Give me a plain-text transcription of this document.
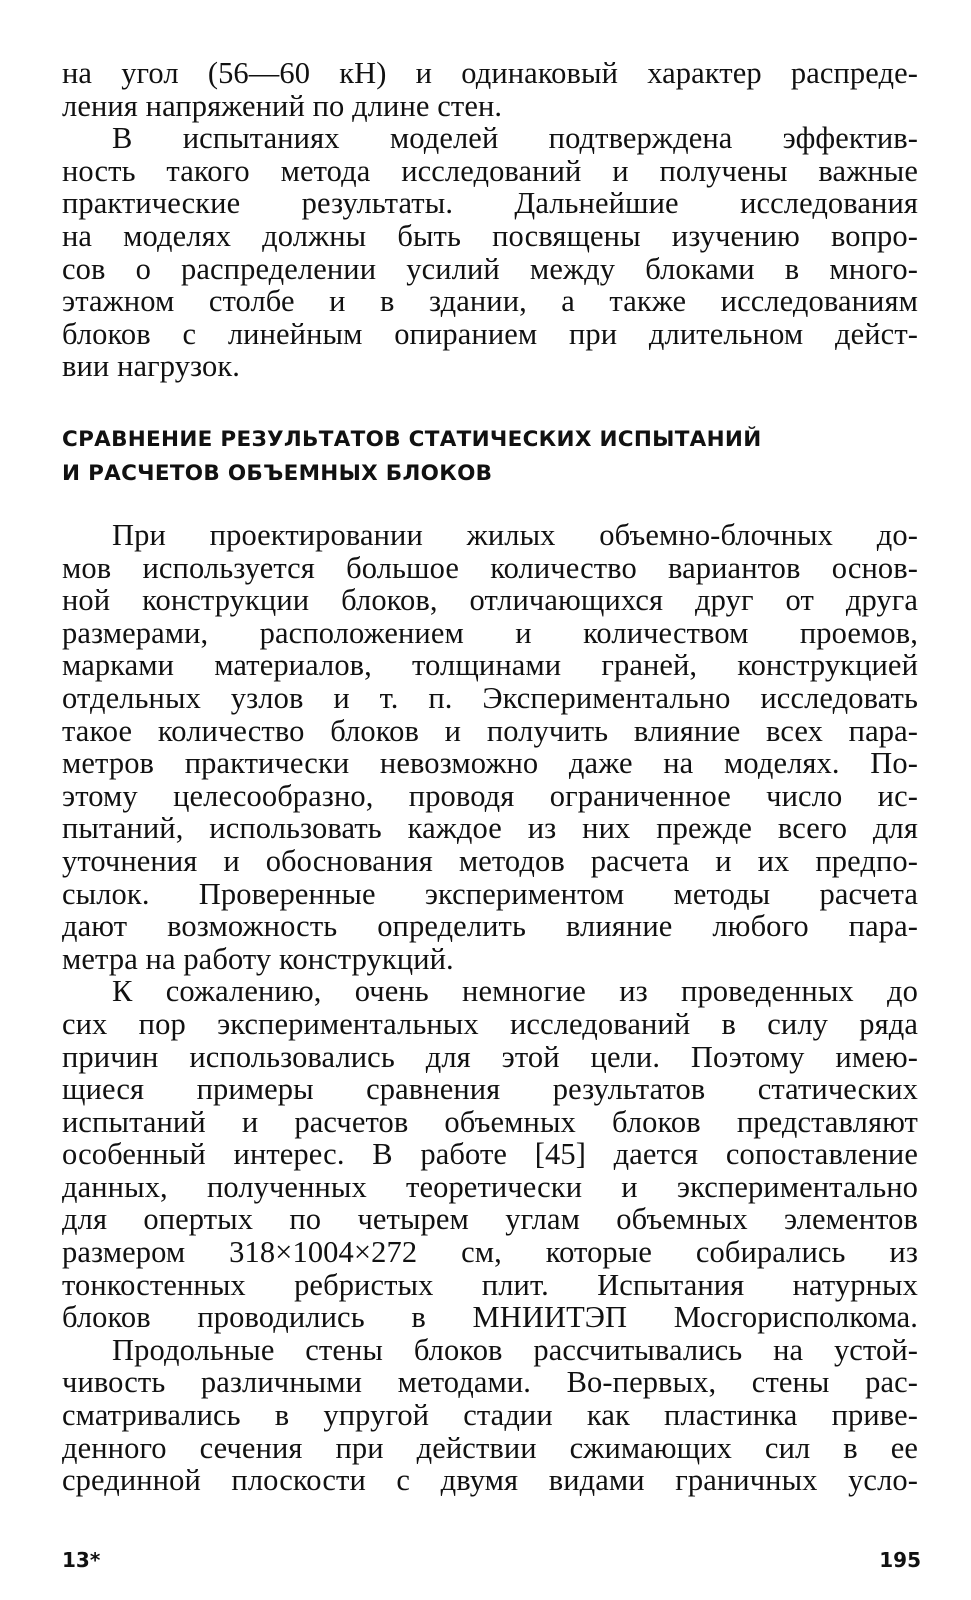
на угол (56—60 кН) и одинаковый характер распреде-
ления напряжений по длине стен.

В испытаниях моделей подтверждена эффектив-
ность такого метода исследований и получены важные
практические результаты. Дальнейшие исследования
на моделях должны быть посвящены изучению вопро-
сов о распределении усилий между блоками в много-
этажном столбе и в здании, а также исследованиям
блоков с линейным опиранием при длительном дейст-
вии нагрузок.

СРАВНЕНИЕ РЕЗУЛЬТАТОВ СТАТИЧЕСКИХ ИСПЫТАНИЙ
И РАСЧЕТОВ ОБЪЕМНЫХ БЛОКОВ

При проектировании жилых объемно-блочных до-
мов используется большое количество вариантов основ-
ной конструкции блоков, отличающихся друг от друга
размерами, расположением и количеством проемов,
марками материалов, толщинами граней, конструкцией
отдельных узлов и т. п. Экспериментально исследовать
такое количество блоков и получить влияние всех пара-
метров практически невозможно даже на моделях. По-
этому целесообразно, проводя ограниченное число ис-
пытаний, использовать каждое из них прежде всего для
уточнения и обоснования методов расчета и их предпо-
сылок. Проверенные экспериментом методы расчета
дают возможность определить влияние любого пара-
метра на работу конструкций.

К сожалению, очень немногие из проведенных до
сих пор экспериментальных исследований в силу ряда
причин использовались для этой цели. Поэтому имею-
щиеся примеры сравнения результатов статических
испытаний и расчетов объемных блоков представляют
особенный интерес. В работе [45] дается сопоставление
данных, полученных теоретически и экспериментально
для опертых по четырем углам объемных элементов
размером 318×1004×272 см, которые собирались из
тонкостенных ребристых плит. Испытания натурных
блоков проводились в МНИИТЭП Мосгорисполкома.

Продольные стены блоков рассчитывались на устой-
чивость различными методами. Во-первых, стены рас-
сматривались в упругой стадии как пластинка приве-
денного сечения при действии сжимающих сил в ее
срединной плоскости с двумя видами граничных усло-

13*	195
